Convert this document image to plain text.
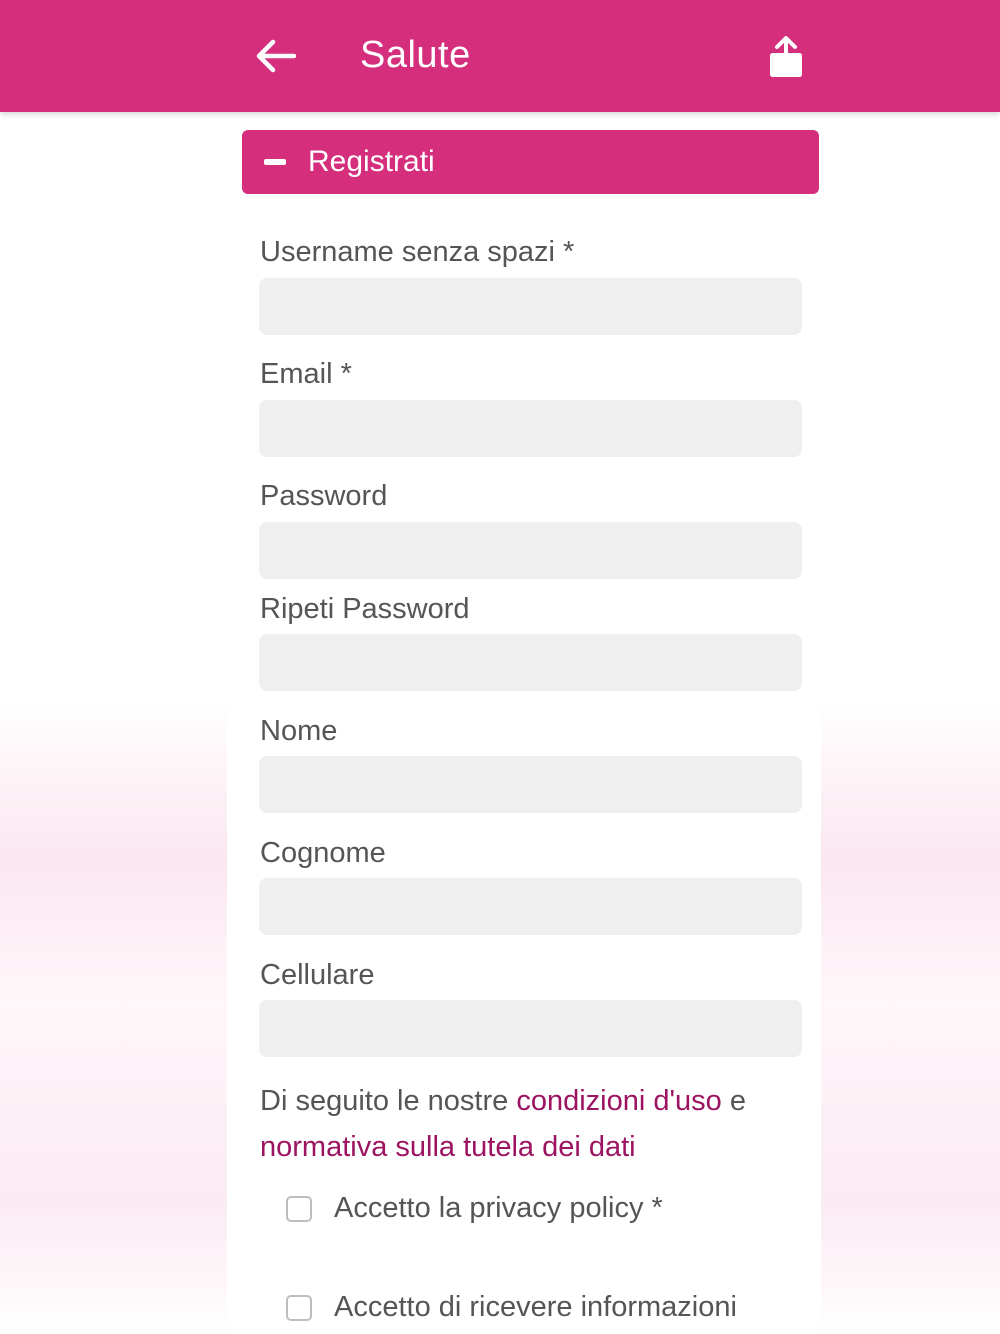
Salute
Registrati
Username senza spazi *
Email *
Password
Ripeti Password
Nome
Cognome
Cellulare
Di seguito le nostre condizioni d'uso e normativa sulla tutela dei dati
Accetto la privacy policy *
Accetto di ricevere informazioni
